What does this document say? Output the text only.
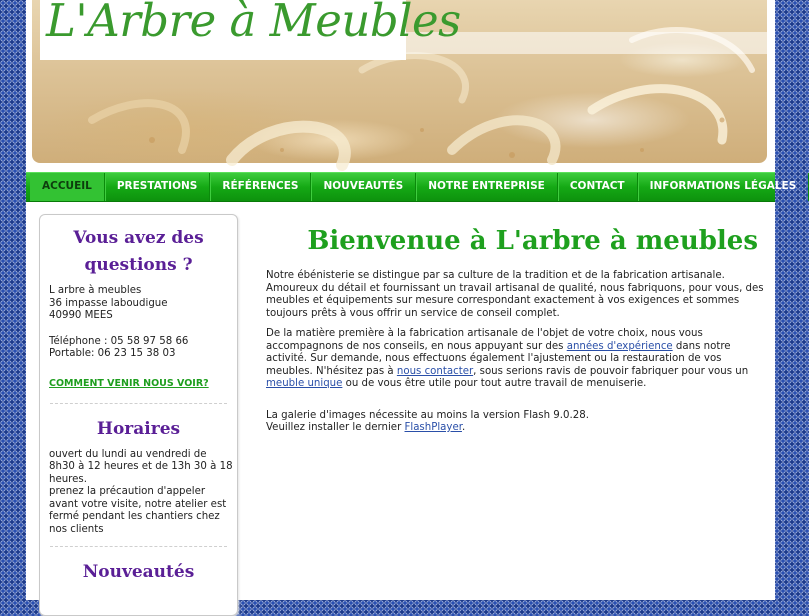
L'Arbre à Meubles
ACCUEIL	PRESTATIONS	RÉFÉRENCES	NOUVEAUTÉS	NOTRE ENTREPRISE	CONTACT	INFORMATIONS LÉGALES
Vous avez des questions ?
L arbre à meubles
36 impasse laboudigue
40990 MEES
Téléphone : 05 58 97 58 66
Portable: 06 23 15 38 03
COMMENT VENIR NOUS VOIR?
Horaires
ouvert du lundi au vendredi de 8h30 à 12 heures et de 13h 30 à 18 heures.
prenez la précaution d'appeler avant votre visite, notre atelier est fermé pendant les chantiers chez nos clients
Nouveautés
Bienvenue à L'arbre à meubles

Notre ébénisterie se distingue par sa culture de la tradition et de la fabrication artisanale. Amoureux du détail et fournissant un travail artisanal de qualité, nous fabriquons, pour vous, des meubles et équipements sur mesure correspondant exactement à vos exigences et sommes toujours prêts à vous offrir un service de conseil complet.

De la matière première à la fabrication artisanale de l'objet de votre choix, nous vous accompagnons de nos conseils, en nous appuyant sur des années d'expérience dans notre activité. Sur demande, nous effectuons également l'ajustement ou la restauration de vos meubles. N'hésitez pas à nous contacter, sous serions ravis de pouvoir fabriquer pour vous un meuble unique ou de vous être utile pour tout autre travail de menuiserie.

La galerie d'images nécessite au moins la version Flash 9.0.28.
Veuillez installer le dernier FlashPlayer.
